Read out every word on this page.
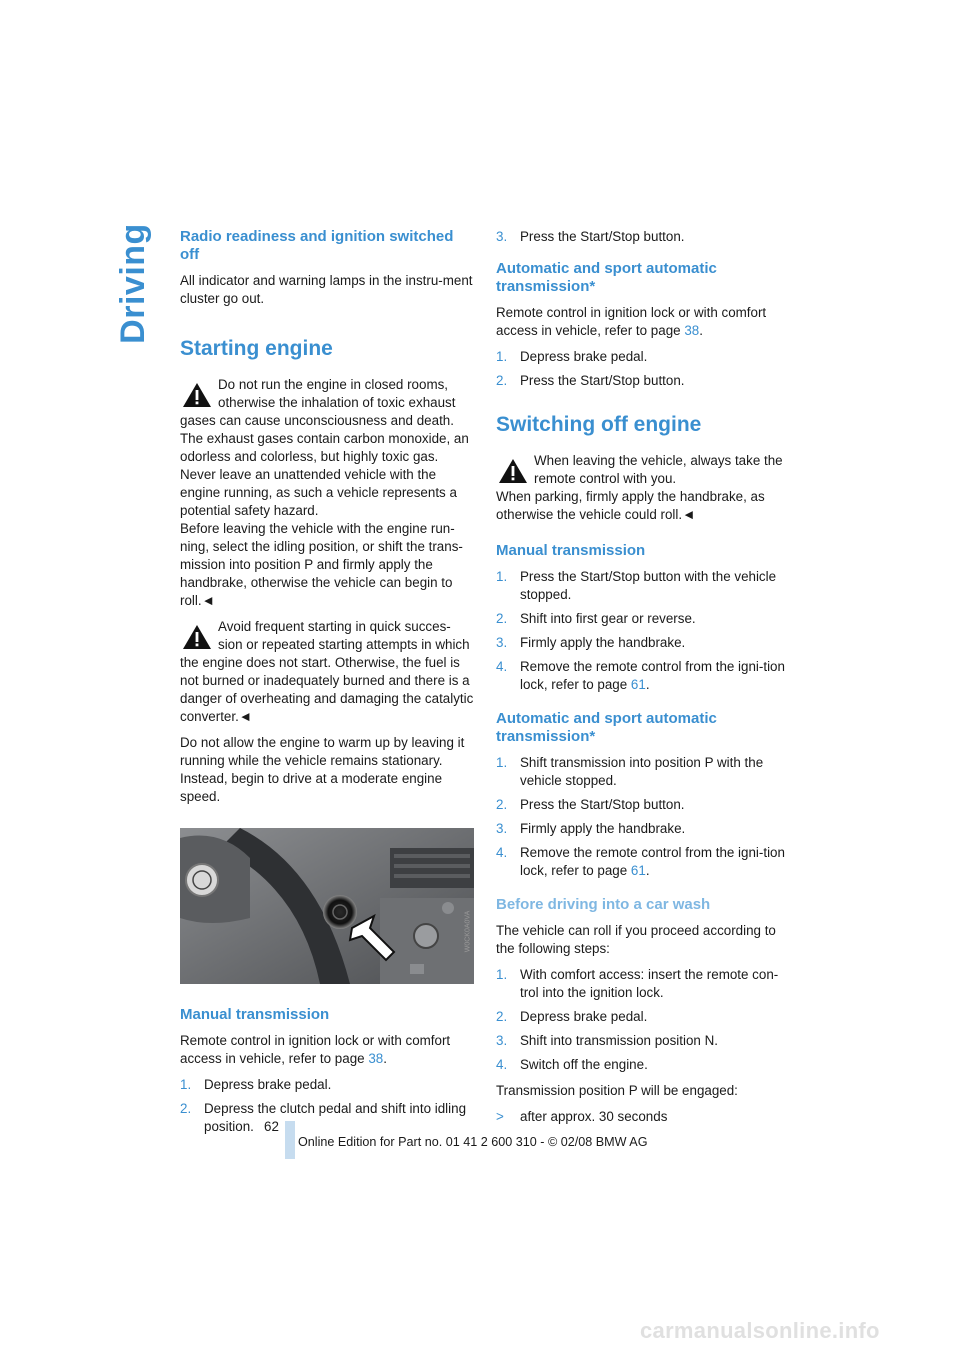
Driving Radio readiness and ignition switched off

All indicator and warning lamps in the instru-ment cluster go out.

Starting engine
Do not run the engine in closed rooms, otherwise the inhalation of toxic exhaust gases can cause unconsciousness and death. The exhaust gases contain carbon monoxide, an odorless and colorless, but highly toxic gas. Never leave an unattended vehicle with the engine running, as such a vehicle represents a potential safety hazard.
Before leaving the vehicle with the engine run-ning, select the idling position, or shift the trans-mission into position P and firmly apply the handbrake, otherwise the vehicle can begin to roll.◄
Avoid frequent starting in quick succes-sion or repeated starting attempts in which the engine does not start. Otherwise, the fuel is not burned or inadequately burned and there is a danger of overheating and damaging the catalytic converter.◄

Do not allow the engine to warm up by leaving it running while the vehicle remains stationary. Instead, begin to drive at a moderate engine speed.

W0CK0A0VA
Manual transmission

Remote control in ignition lock or with comfort access in vehicle, refer to page 38.

1. Depress brake pedal.
2. Depress the clutch pedal and shift into idling position.
3. Press the Start/Stop button.
Automatic and sport automatic transmission*

Remote control in ignition lock or with comfort access in vehicle, refer to page 38.

1. Depress brake pedal.
2. Press the Start/Stop button.
Switching off engine
When leaving the vehicle, always take the remote control with you.
When parking, firmly apply the handbrake, as otherwise the vehicle could roll.◄
Manual transmission
1. Press the Start/Stop button with the vehicle stopped.
2. Shift into first gear or reverse.
3. Firmly apply the handbrake.
4. Remove the remote control from the igni-tion lock, refer to page 61.
Automatic and sport automatic transmission*
1. Shift transmission into position P with the vehicle stopped.
2. Press the Start/Stop button.
3. Firmly apply the handbrake.
4. Remove the remote control from the igni-tion lock, refer to page 61.
Before driving into a car wash

The vehicle can roll if you proceed according to the following steps:

1. With comfort access: insert the remote con-trol into the ignition lock.
2. Depress brake pedal.
3. Shift into transmission position N.
4. Switch off the engine.

Transmission position P will be engaged:

> after approx. 30 seconds
62
Online Edition for Part no. 01 41 2 600 310 - © 02/08 BMW AG
carmanualsonline.info
